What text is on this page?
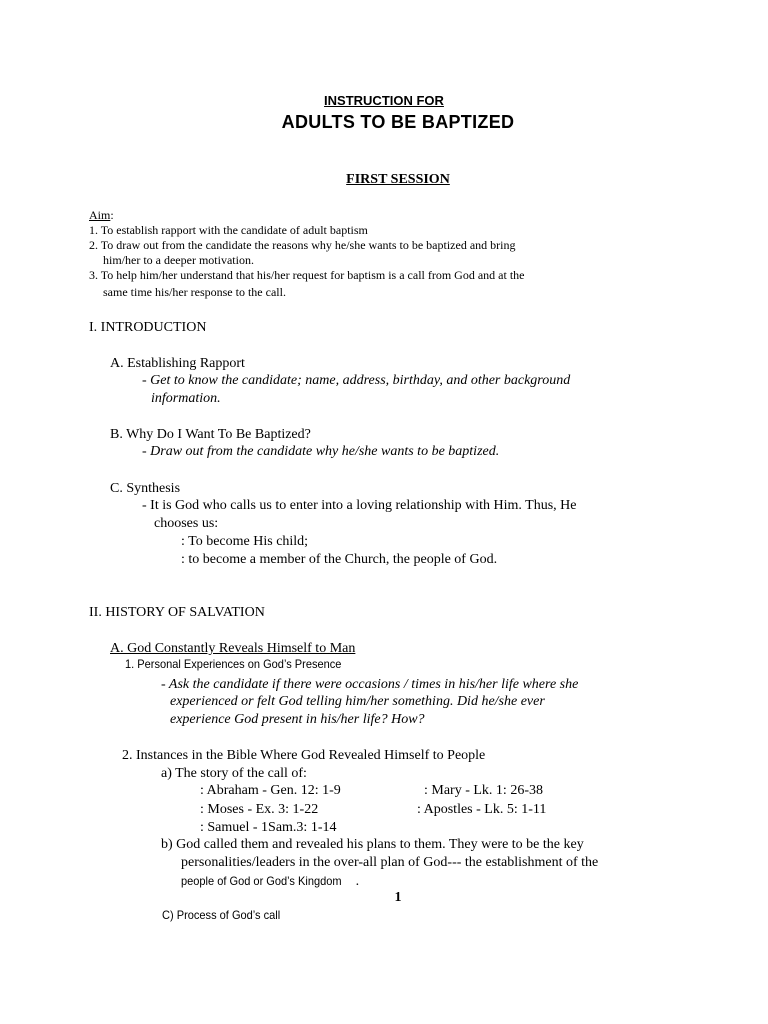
INSTRUCTION FOR
ADULTS TO BE BAPTIZED
FIRST SESSION
Aim:
1. To establish rapport with the candidate of adult baptism
2. To draw out from the candidate the reasons why he/she wants to be baptized and bring
him/her to a deeper motivation.
3. To help him/her understand that his/her request for baptism is a call from God and at the
same time his/her response to the call.
I. INTRODUCTION
A. Establishing Rapport
- Get to know the candidate; name, address, birthday, and other background
information.
B. Why Do I Want To Be Baptized?
- Draw out from the candidate why he/she wants to be baptized.
C. Synthesis
- It is God who calls us to enter into a loving relationship with Him. Thus, He
chooses us:
: To become His child;
: to become a member of the Church, the people of God.
II. HISTORY OF SALVATION
A. God Constantly Reveals Himself to Man
1. Personal Experiences on God’s Presence
- Ask the candidate if there were occasions / times in his/her life where she
experienced or felt God telling him/her something. Did he/she ever
experience God present in his/her life? How?
2. Instances in the Bible Where God Revealed Himself to People
a) The story of the call of:
: Abraham - Gen. 12: 1-9	: Mary - Lk. 1: 26-38
: Moses - Ex. 3: 1-22	: Apostles - Lk. 5: 1-11
: Samuel - 1Sam.3: 1-14
b) God called them and revealed his plans to them. They were to be the key
personalities/leaders in the over-all plan of God--- the establishment of the
people of God or God’s Kingdom .
1
C) Process of God’s call
